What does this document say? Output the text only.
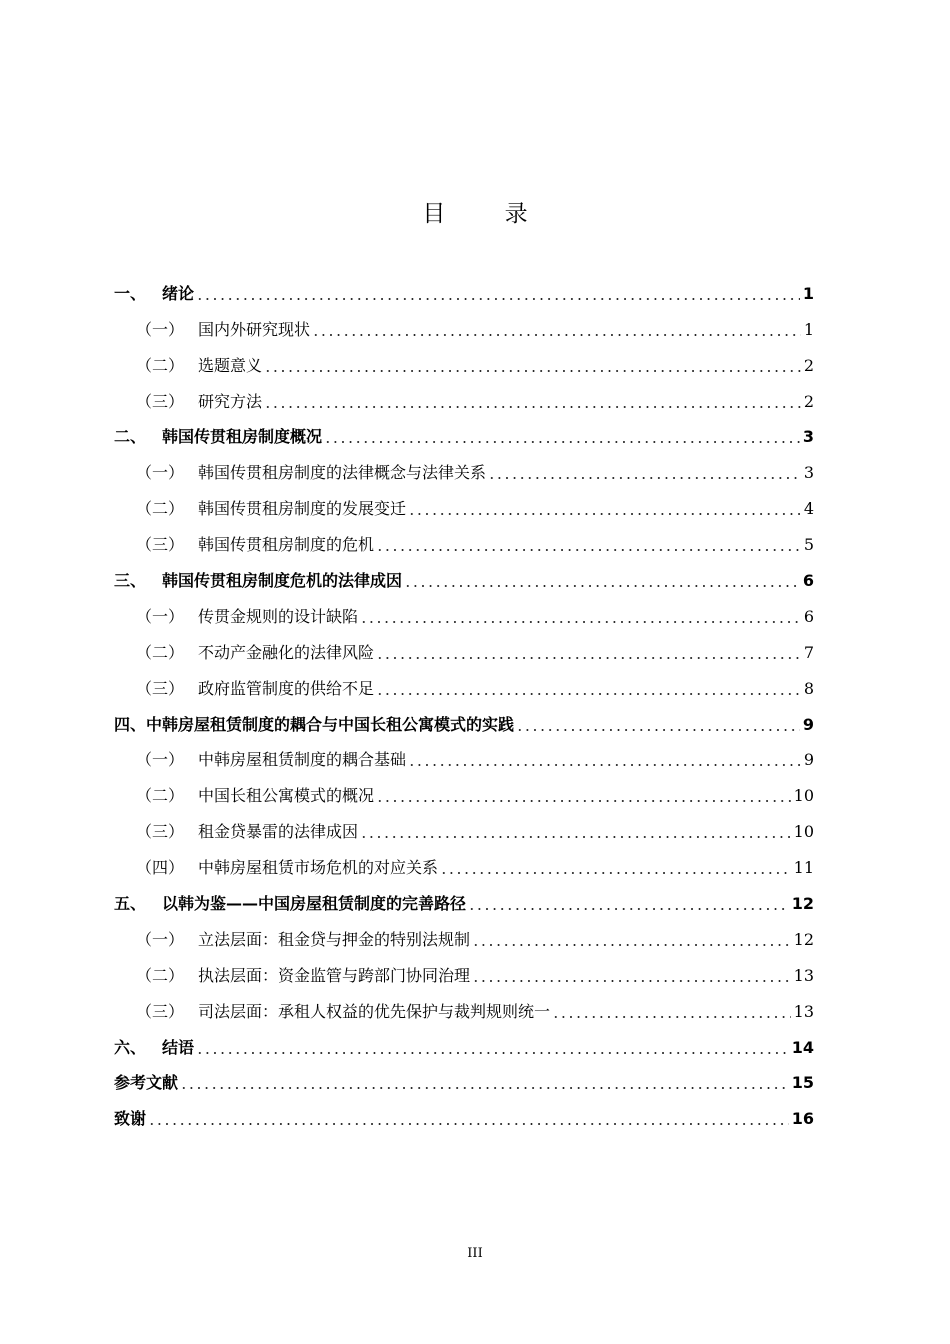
目 录
一、 绪论	1
（一） 国内外研究现状	1
（二） 选题意义	2
（三） 研究方法	2
二、 韩国传贯租房制度概况	3
（一） 韩国传贯租房制度的法律概念与法律关系	3
（二） 韩国传贯租房制度的发展变迁	4
（三） 韩国传贯租房制度的危机	5
三、 韩国传贯租房制度危机的法律成因	6
（一） 传贯金规则的设计缺陷	6
（二） 不动产金融化的法律风险	7
（三） 政府监管制度的供给不足	8
四、中韩房屋租赁制度的耦合与中国长租公寓模式的实践	9
（一） 中韩房屋租赁制度的耦合基础	9
（二） 中国长租公寓模式的概况	10
（三） 租金贷暴雷的法律成因	10
（四） 中韩房屋租赁市场危机的对应关系	11
五、 以韩为鉴——中国房屋租赁制度的完善路径	12
（一） 立法层面：租金贷与押金的特别法规制	12
（二） 执法层面：资金监管与跨部门协同治理	13
（三） 司法层面：承租人权益的优先保护与裁判规则统一	13
六、 结语	14
参考文献	15
致谢	16
III
